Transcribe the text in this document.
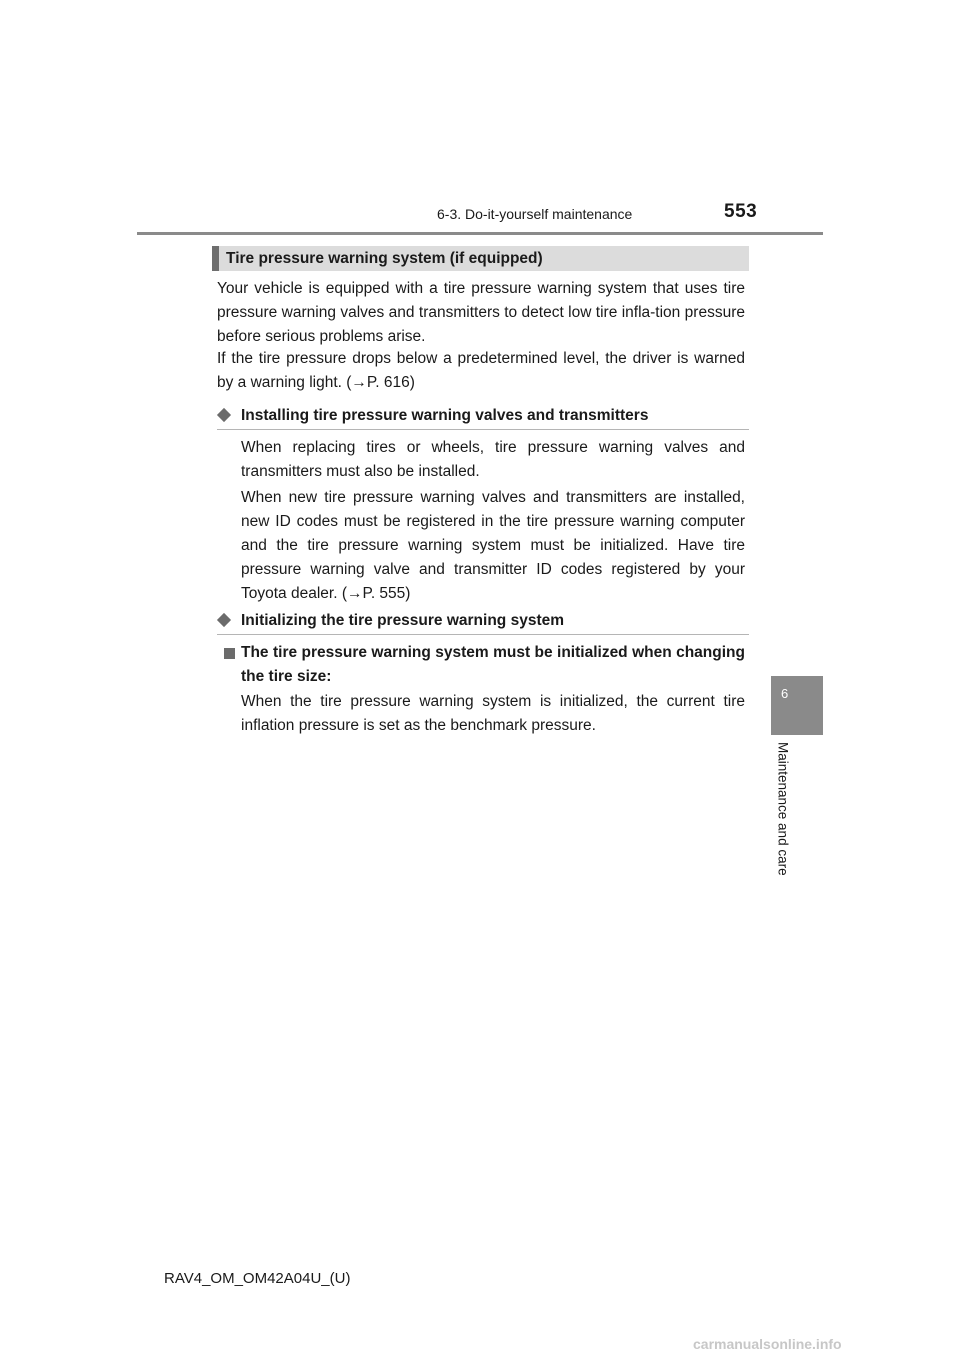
6-3. Do-it-yourself maintenance	553
6
Maintenance and care
Tire pressure warning system (if equipped)

Your vehicle is equipped with a tire pressure warning system that uses tire pressure warning valves and transmitters to detect low tire infla-tion pressure before serious problems arise.

If the tire pressure drops below a predetermined level, the driver is warned by a warning light. (→P. 616)

Installing tire pressure warning valves and transmitters

When replacing tires or wheels, tire pressure warning valves and transmitters must also be installed.

When new tire pressure warning valves and transmitters are installed, new ID codes must be registered in the tire pressure warning computer and the tire pressure warning system must be initialized. Have tire pressure warning valve and transmitter ID codes registered by your Toyota dealer. (→P. 555)

Initializing the tire pressure warning system

The tire pressure warning system must be initialized when changing the tire size:

When the tire pressure warning system is initialized, the current tire inflation pressure is set as the benchmark pressure.

RAV4_OM_OM42A04U_(U)
carmanualsonline.info
